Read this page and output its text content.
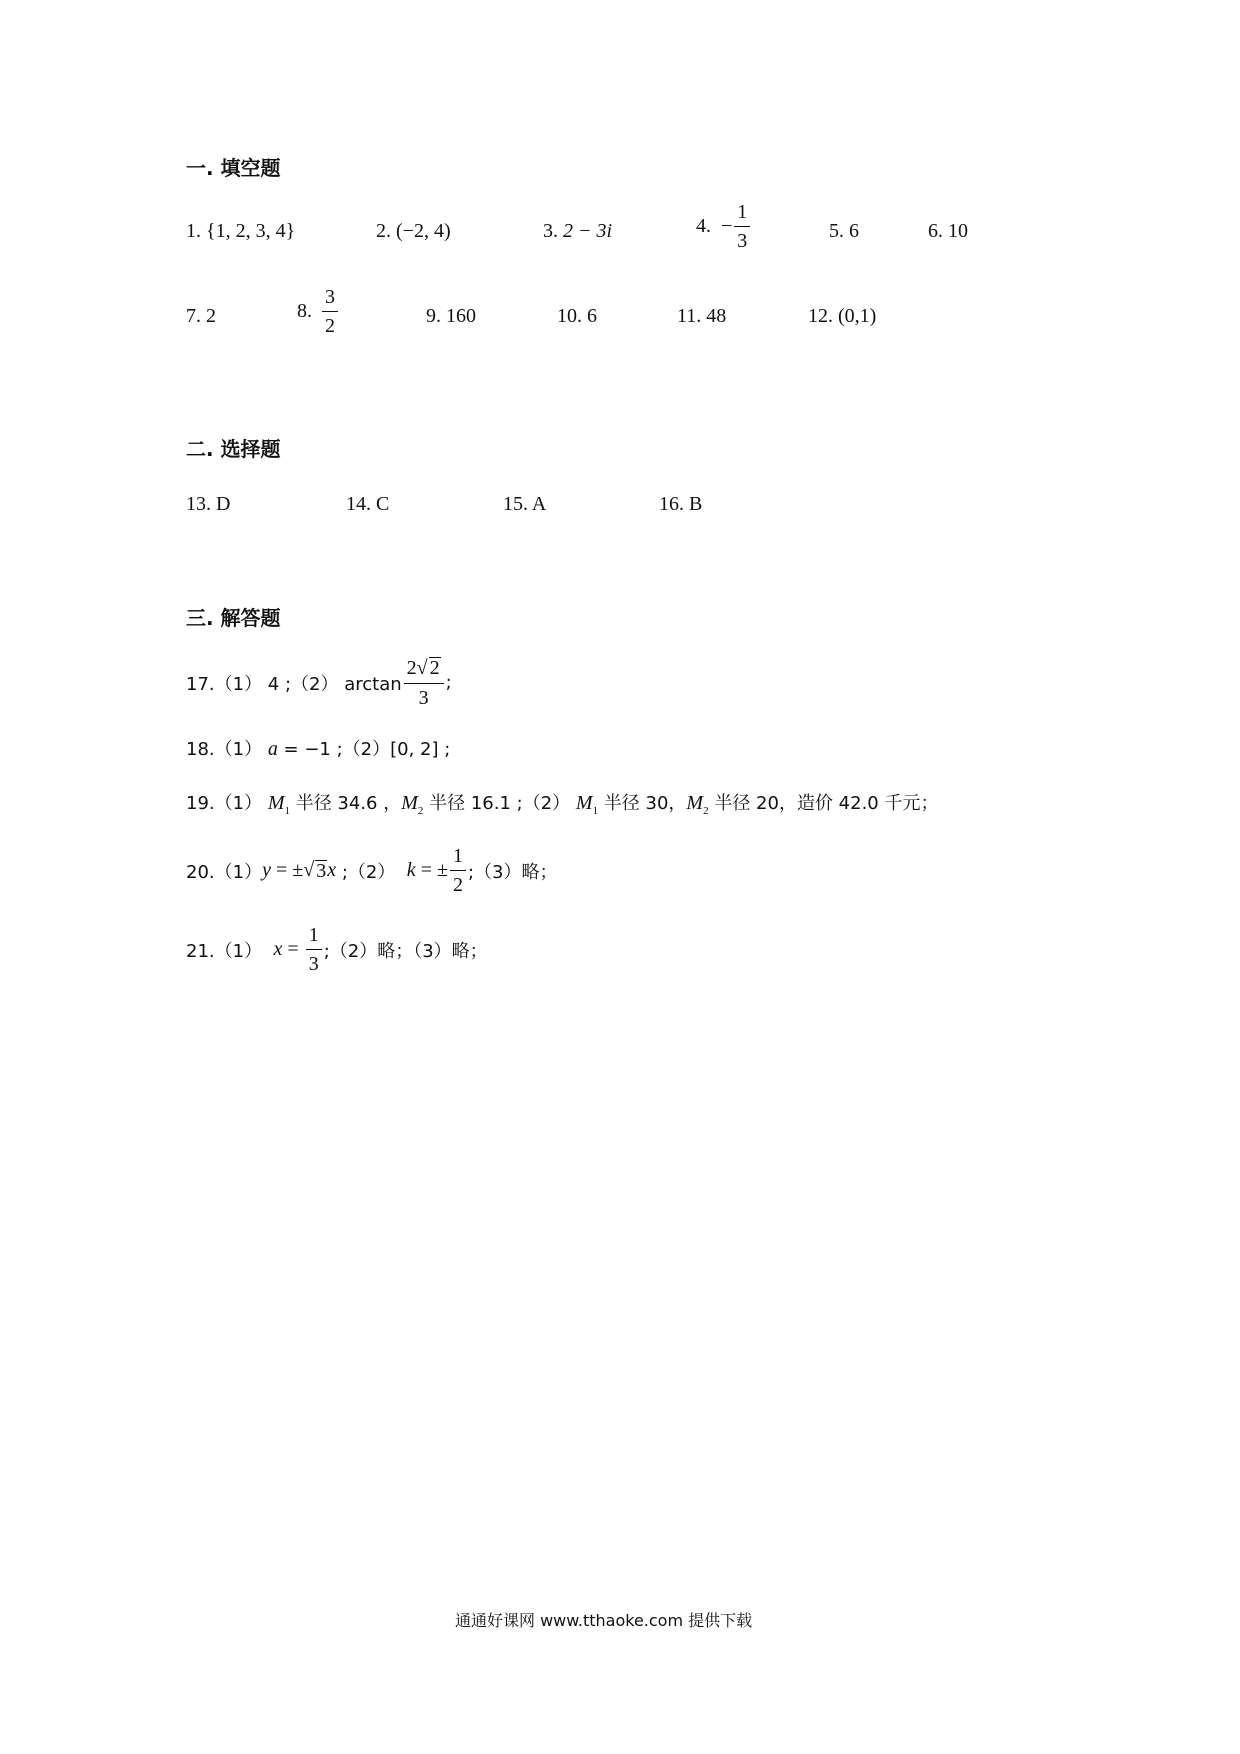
一. 填空题
1. {1, 2, 3, 4}	2. (−2, 4)	3. 2 − 3i	4. − $\frac{1}{3}$	5. 6	6. 10
7. 2	8. $\frac{3}{2}$	9. 160	10. 6	11. 48	12. (0,1)
二. 选择题
13. D	14. C	15. A	16. B
三. 解答题
17.（1） 4 ;（2） $\arctan \frac{2√ 2}{3}$ ;
18.（1） a = −1 ;（2）[0, 2] ;
19.（1） $M_1$ 半径 34.6 ，$M_2$ 半径 16.1 ;（2） $M_1$ 半径 30，$M_2$ 半径 20，造价 42.0 千元；
20.（1） y = ± √ 3 x ;（2） k = ± $\frac{1}{2}$ ;（3）略；
21.（1） $x = \frac{1}{3}$ ;（2）略；（3）略；
通通好课网 www.tthaoke.com 提供下载
